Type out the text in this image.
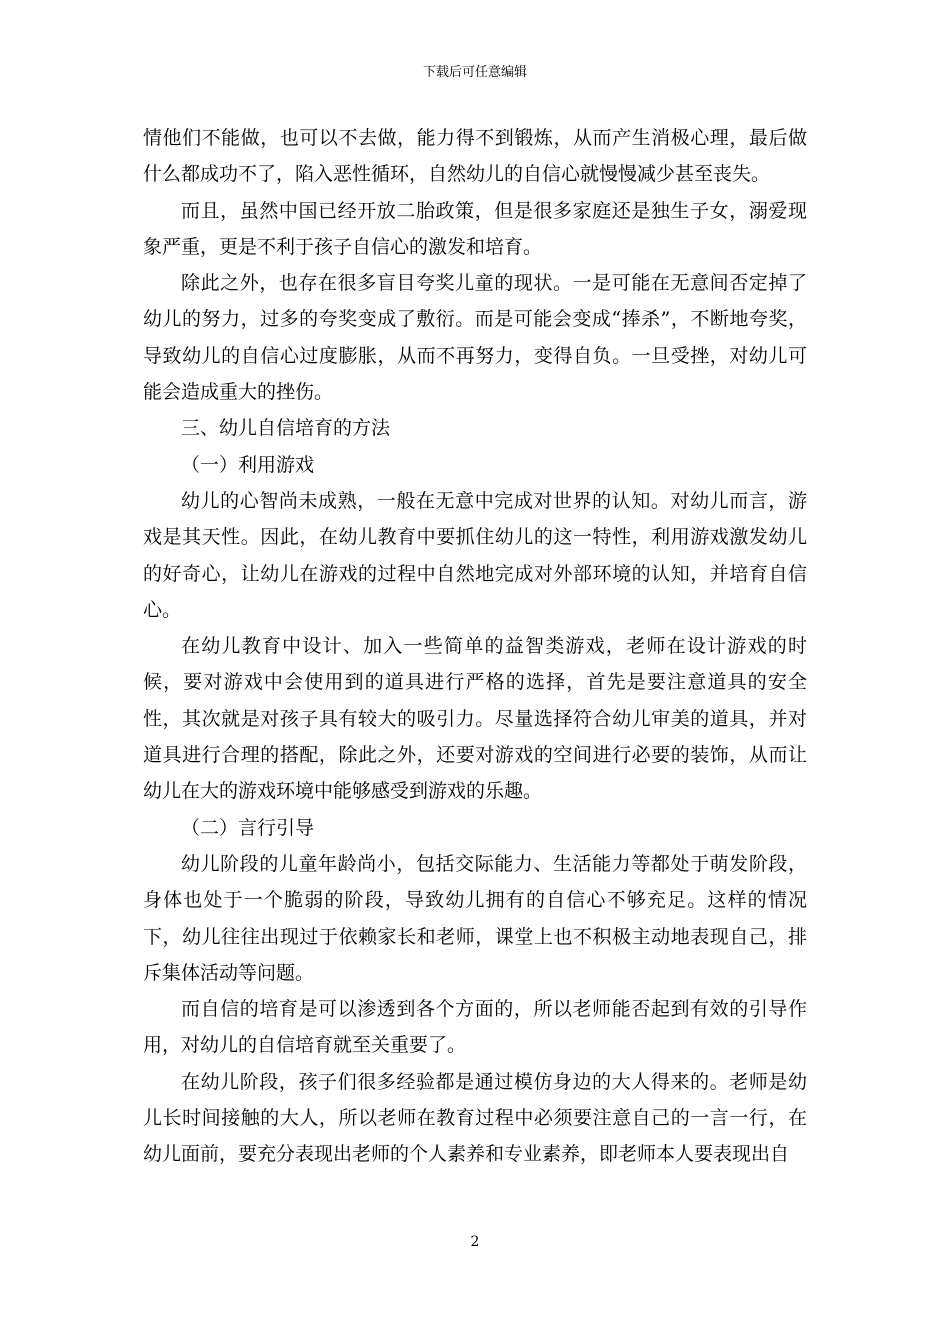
下载后可任意编辑

情他们不能做，也可以不去做，能力得不到锻炼，从而产生消极心理，最后做什么都成功不了，陷入恶性循环，自然幼儿的自信心就慢慢减少甚至丧失。

而且，虽然中国已经开放二胎政策，但是很多家庭还是独生子女，溺爱现象严重，更是不利于孩子自信心的激发和培育。

除此之外，也存在很多盲目夸奖儿童的现状。一是可能在无意间否定掉了幼儿的努力，过多的夸奖变成了敷衍。而是可能会变成“捧杀”，不断地夸奖，导致幼儿的自信心过度膨胀，从而不再努力，变得自负。一旦受挫，对幼儿可能会造成重大的挫伤。

三、幼儿自信培育的方法

（一）利用游戏

幼儿的心智尚未成熟，一般在无意中完成对世界的认知。对幼儿而言，游戏是其天性。因此，在幼儿教育中要抓住幼儿的这一特性，利用游戏激发幼儿的好奇心，让幼儿在游戏的过程中自然地完成对外部环境的认知，并培育自信心。

在幼儿教育中设计、加入一些简单的益智类游戏，老师在设计游戏的时候，要对游戏中会使用到的道具进行严格的选择，首先是要注意道具的安全性，其次就是对孩子具有较大的吸引力。尽量选择符合幼儿审美的道具，并对道具进行合理的搭配，除此之外，还要对游戏的空间进行必要的装饰，从而让幼儿在大的游戏环境中能够感受到游戏的乐趣。

（二）言行引导

幼儿阶段的儿童年龄尚小，包括交际能力、生活能力等都处于萌发阶段，身体也处于一个脆弱的阶段，导致幼儿拥有的自信心不够充足。这样的情况下，幼儿往往出现过于依赖家长和老师，课堂上也不积极主动地表现自己，排斥集体活动等问题。

而自信的培育是可以渗透到各个方面的，所以老师能否起到有效的引导作用，对幼儿的自信培育就至关重要了。

在幼儿阶段，孩子们很多经验都是通过模仿身边的大人得来的。老师是幼儿长时间接触的大人，所以老师在教育过程中必须要注意自己的一言一行，在幼儿面前，要充分表现出老师的个人素养和专业素养，即老师本人要表现出自

2
